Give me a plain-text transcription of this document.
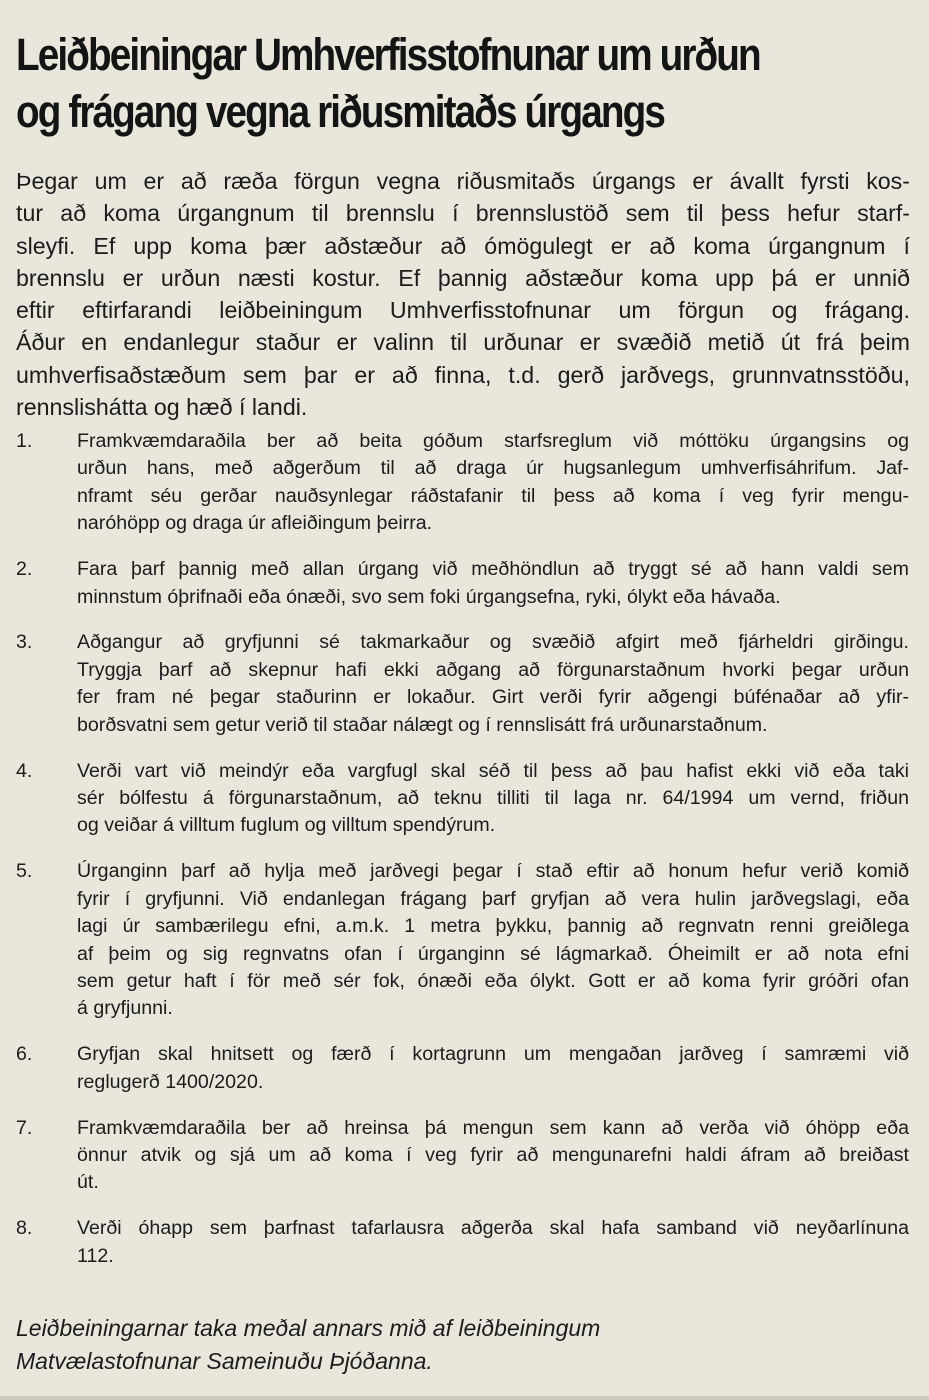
Leiðbeiningar Umhverfisstofnunar um urðun
og frágang vegna riðusmitaðs úrgangs

Þegar um er að ræða förgun vegna riðusmitaðs úrgangs er ávallt fyrsti kos-
tur að koma úrgangnum til brennslu í brennslustöð sem til þess hefur starf-
sleyfi. Ef upp koma þær aðstæður að ómögulegt er að koma úrgangnum í
brennslu er urðun næsti kostur. Ef þannig aðstæður koma upp þá er unnið
eftir eftirfarandi leiðbeiningum Umhverfisstofnunar um förgun og frágang.
Áður en endanlegur staður er valinn til urðunar er svæðið metið út frá þeim
umhverfisaðstæðum sem þar er að finna, t.d. gerð jarðvegs, grunnvatnsstöðu,
rennslishátta og hæð í landi.

1. Framkvæmdaraðila ber að beita góðum starfsreglum við móttöku úrgangsins og
urðun hans, með aðgerðum til að draga úr hugsanlegum umhverfisáhrifum. Jaf-
nframt séu gerðar nauðsynlegar ráðstafanir til þess að koma í veg fyrir mengu-
naróhöpp og draga úr afleiðingum þeirra.
2. Fara þarf þannig með allan úrgang við meðhöndlun að tryggt sé að hann valdi sem
minnstum óþrifnaði eða ónæði, svo sem foki úrgangsefna, ryki, ólykt eða hávaða.
3. Aðgangur að gryfjunni sé takmarkaður og svæðið afgirt með fjárheldri girðingu.
Tryggja þarf að skepnur hafi ekki aðgang að förgunarstaðnum hvorki þegar urðun
fer fram né þegar staðurinn er lokaður. Girt verði fyrir aðgengi búfénaðar að yfir-
borðsvatni sem getur verið til staðar nálægt og í rennslisátt frá urðunarstaðnum.
4. Verði vart við meindýr eða vargfugl skal séð til þess að þau hafist ekki við eða taki
sér bólfestu á förgunarstaðnum, að teknu tilliti til laga nr. 64/1994 um vernd, friðun
og veiðar á villtum fuglum og villtum spendýrum.
5. Úrganginn þarf að hylja með jarðvegi þegar í stað eftir að honum hefur verið komið
fyrir í gryfjunni. Við endanlegan frágang þarf gryfjan að vera hulin jarðvegslagi, eða
lagi úr sambærilegu efni, a.m.k. 1 metra þykku, þannig að regnvatn renni greiðlega
af þeim og sig regnvatns ofan í úrganginn sé lágmarkað. Óheimilt er að nota efni
sem getur haft í för með sér fok, ónæði eða ólykt. Gott er að koma fyrir gróðri ofan
á gryfjunni.
6. Gryfjan skal hnitsett og færð í kortagrunn um mengaðan jarðveg í samræmi við
reglugerð 1400/2020.
7. Framkvæmdaraðila ber að hreinsa þá mengun sem kann að verða við óhöpp eða
önnur atvik og sjá um að koma í veg fyrir að mengunarefni haldi áfram að breiðast
út.
8. Verði óhapp sem þarfnast tafarlausra aðgerða skal hafa samband við neyðarlínuna
112.

Leiðbeiningarnar taka meðal annars mið af leiðbeiningum
Matvælastofnunar Sameinuðu Þjóðanna.
